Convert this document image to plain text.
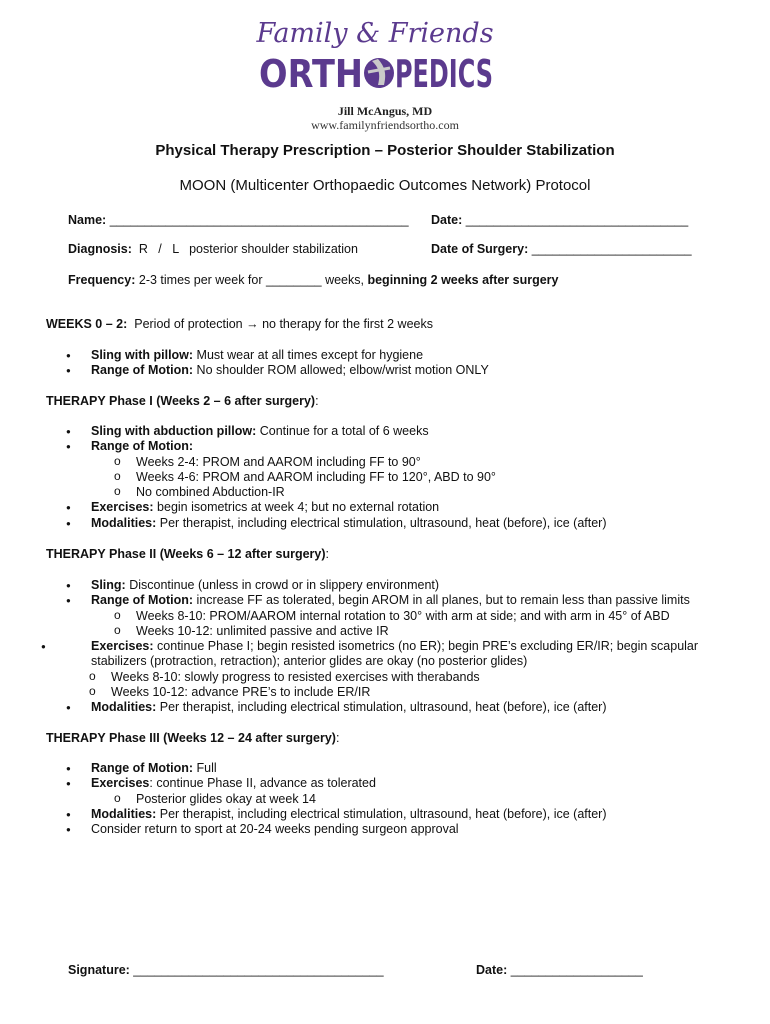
Family & Friends
ORTH PEDICS
Jill McAngus, MD
www.familynfriendsortho.com
Physical Therapy Prescription – Posterior Shoulder Stabilization
MOON (Multicenter Orthopaedic Outcomes Network) Protocol
Name: ___________________________________________ Date: ________________________________
Diagnosis:  R   /   L   posterior shoulder stabilization	Date of Surgery: _______________________
Frequency: 2-3 times per week for ________ weeks, beginning 2 weeks after surgery
WEEKS 0 – 2:  Period of protection → no therapy for the first 2 weeks
● Sling with pillow: Must wear at all times except for hygiene
● Range of Motion: No shoulder ROM allowed; elbow/wrist motion ONLY
THERAPY Phase I (Weeks 2 – 6 after surgery):
● Sling with abduction pillow: Continue for a total of 6 weeks
● Range of Motion:
o Weeks 2-4: PROM and AAROM including FF to 90°
o Weeks 4-6: PROM and AAROM including FF to 120°, ABD to 90°
o No combined Abduction-IR
● Exercises: begin isometrics at week 4; but no external rotation
● Modalities: Per therapist, including electrical stimulation, ultrasound, heat (before), ice (after)
THERAPY Phase II (Weeks 6 – 12 after surgery):
● Sling: Discontinue (unless in crowd or in slippery environment)
● Range of Motion: increase FF as tolerated, begin AROM in all planes, but to remain less than passive limits
o Weeks 8-10: PROM/AAROM internal rotation to 30° with arm at side; and with arm in 45° of ABD
o Weeks 10-12: unlimited passive and active IR
● Exercises: continue Phase I; begin resisted isometrics (no ER); begin PRE’s excluding ER/IR; begin scapular stabilizers (protraction, retraction); anterior glides are okay (no posterior glides)
o Weeks 8-10: slowly progress to resisted exercises with therabands
o Weeks 10-12: advance PRE’s to include ER/IR
● Modalities: Per therapist, including electrical stimulation, ultrasound, heat (before), ice (after)
THERAPY Phase III (Weeks 12 – 24 after surgery):
● Range of Motion: Full
● Exercises: continue Phase II, advance as tolerated
o Posterior glides okay at week 14
● Modalities: Per therapist, including electrical stimulation, ultrasound, heat (before), ice (after)
● Consider return to sport at 20-24 weeks pending surgeon approval
Signature: ____________________________________	Date: ___________________
